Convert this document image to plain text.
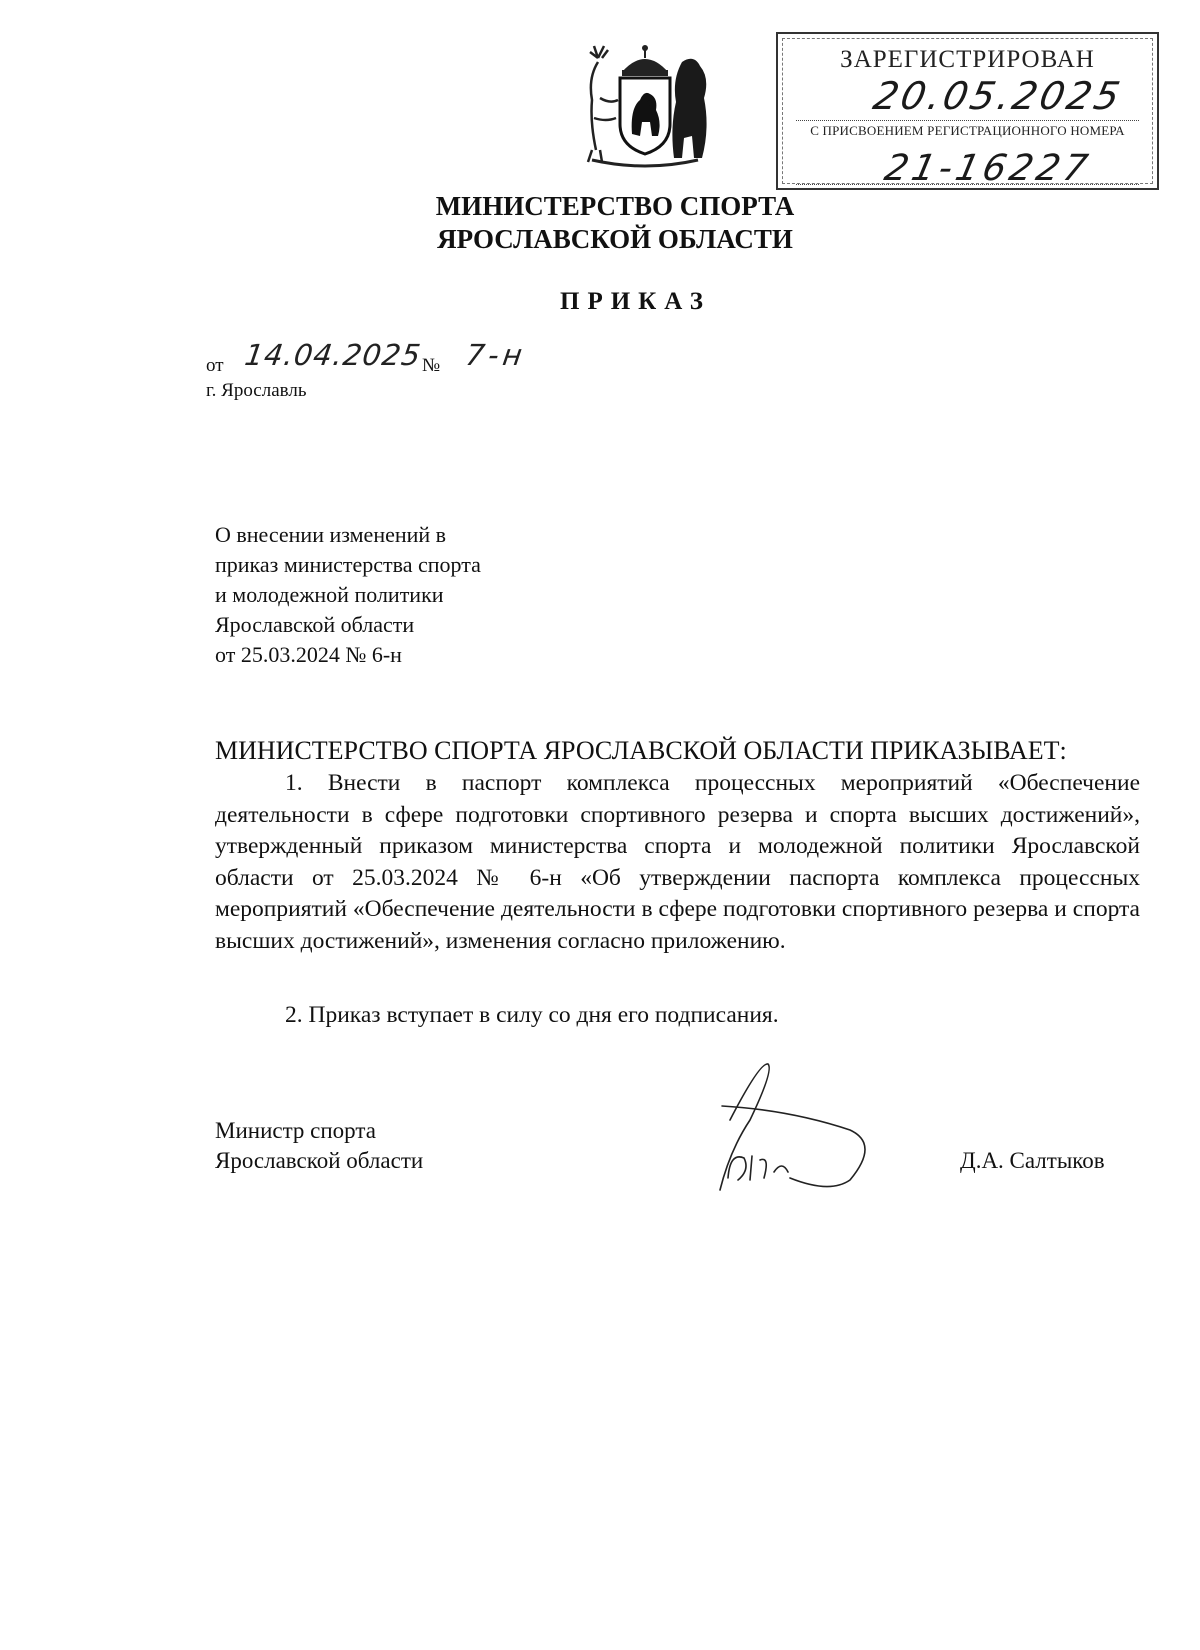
ЗАРЕГИСТРИРОВАН
20.05.2025
С ПРИСВОЕНИЕМ РЕГИСТРАЦИОННОГО НОМЕРА
21-16227
МИНИСТЕРСТВО СПОРТА
ЯРОСЛАВСКОЙ ОБЛАСТИ
ПРИКАЗ
от 14.04.2025
№ 7-н
г. Ярославль
О внесении изменений в
приказ министерства спорта
и молодежной политики
Ярославской области
от 25.03.2024 № 6-н
МИНИСТЕРСТВО СПОРТА ЯРОСЛАВСКОЙ ОБЛАСТИ ПРИКАЗЫВАЕТ:
1. Внести в паспорт комплекса процессных мероприятий «Обеспечение деятельности в сфере подготовки спортивного резерва и спорта высших достижений», утвержденный приказом министерства спорта и молодежной политики Ярославской области от 25.03.2024 № 6-н «Об утверждении паспорта комплекса процессных мероприятий «Обеспечение деятельности в сфере подготовки спортивного резерва и спорта высших достижений», изменения согласно приложению.
2. Приказ вступает в силу со дня его подписания.
Министр спорта
Ярославской области	Д.А. Салтыков
